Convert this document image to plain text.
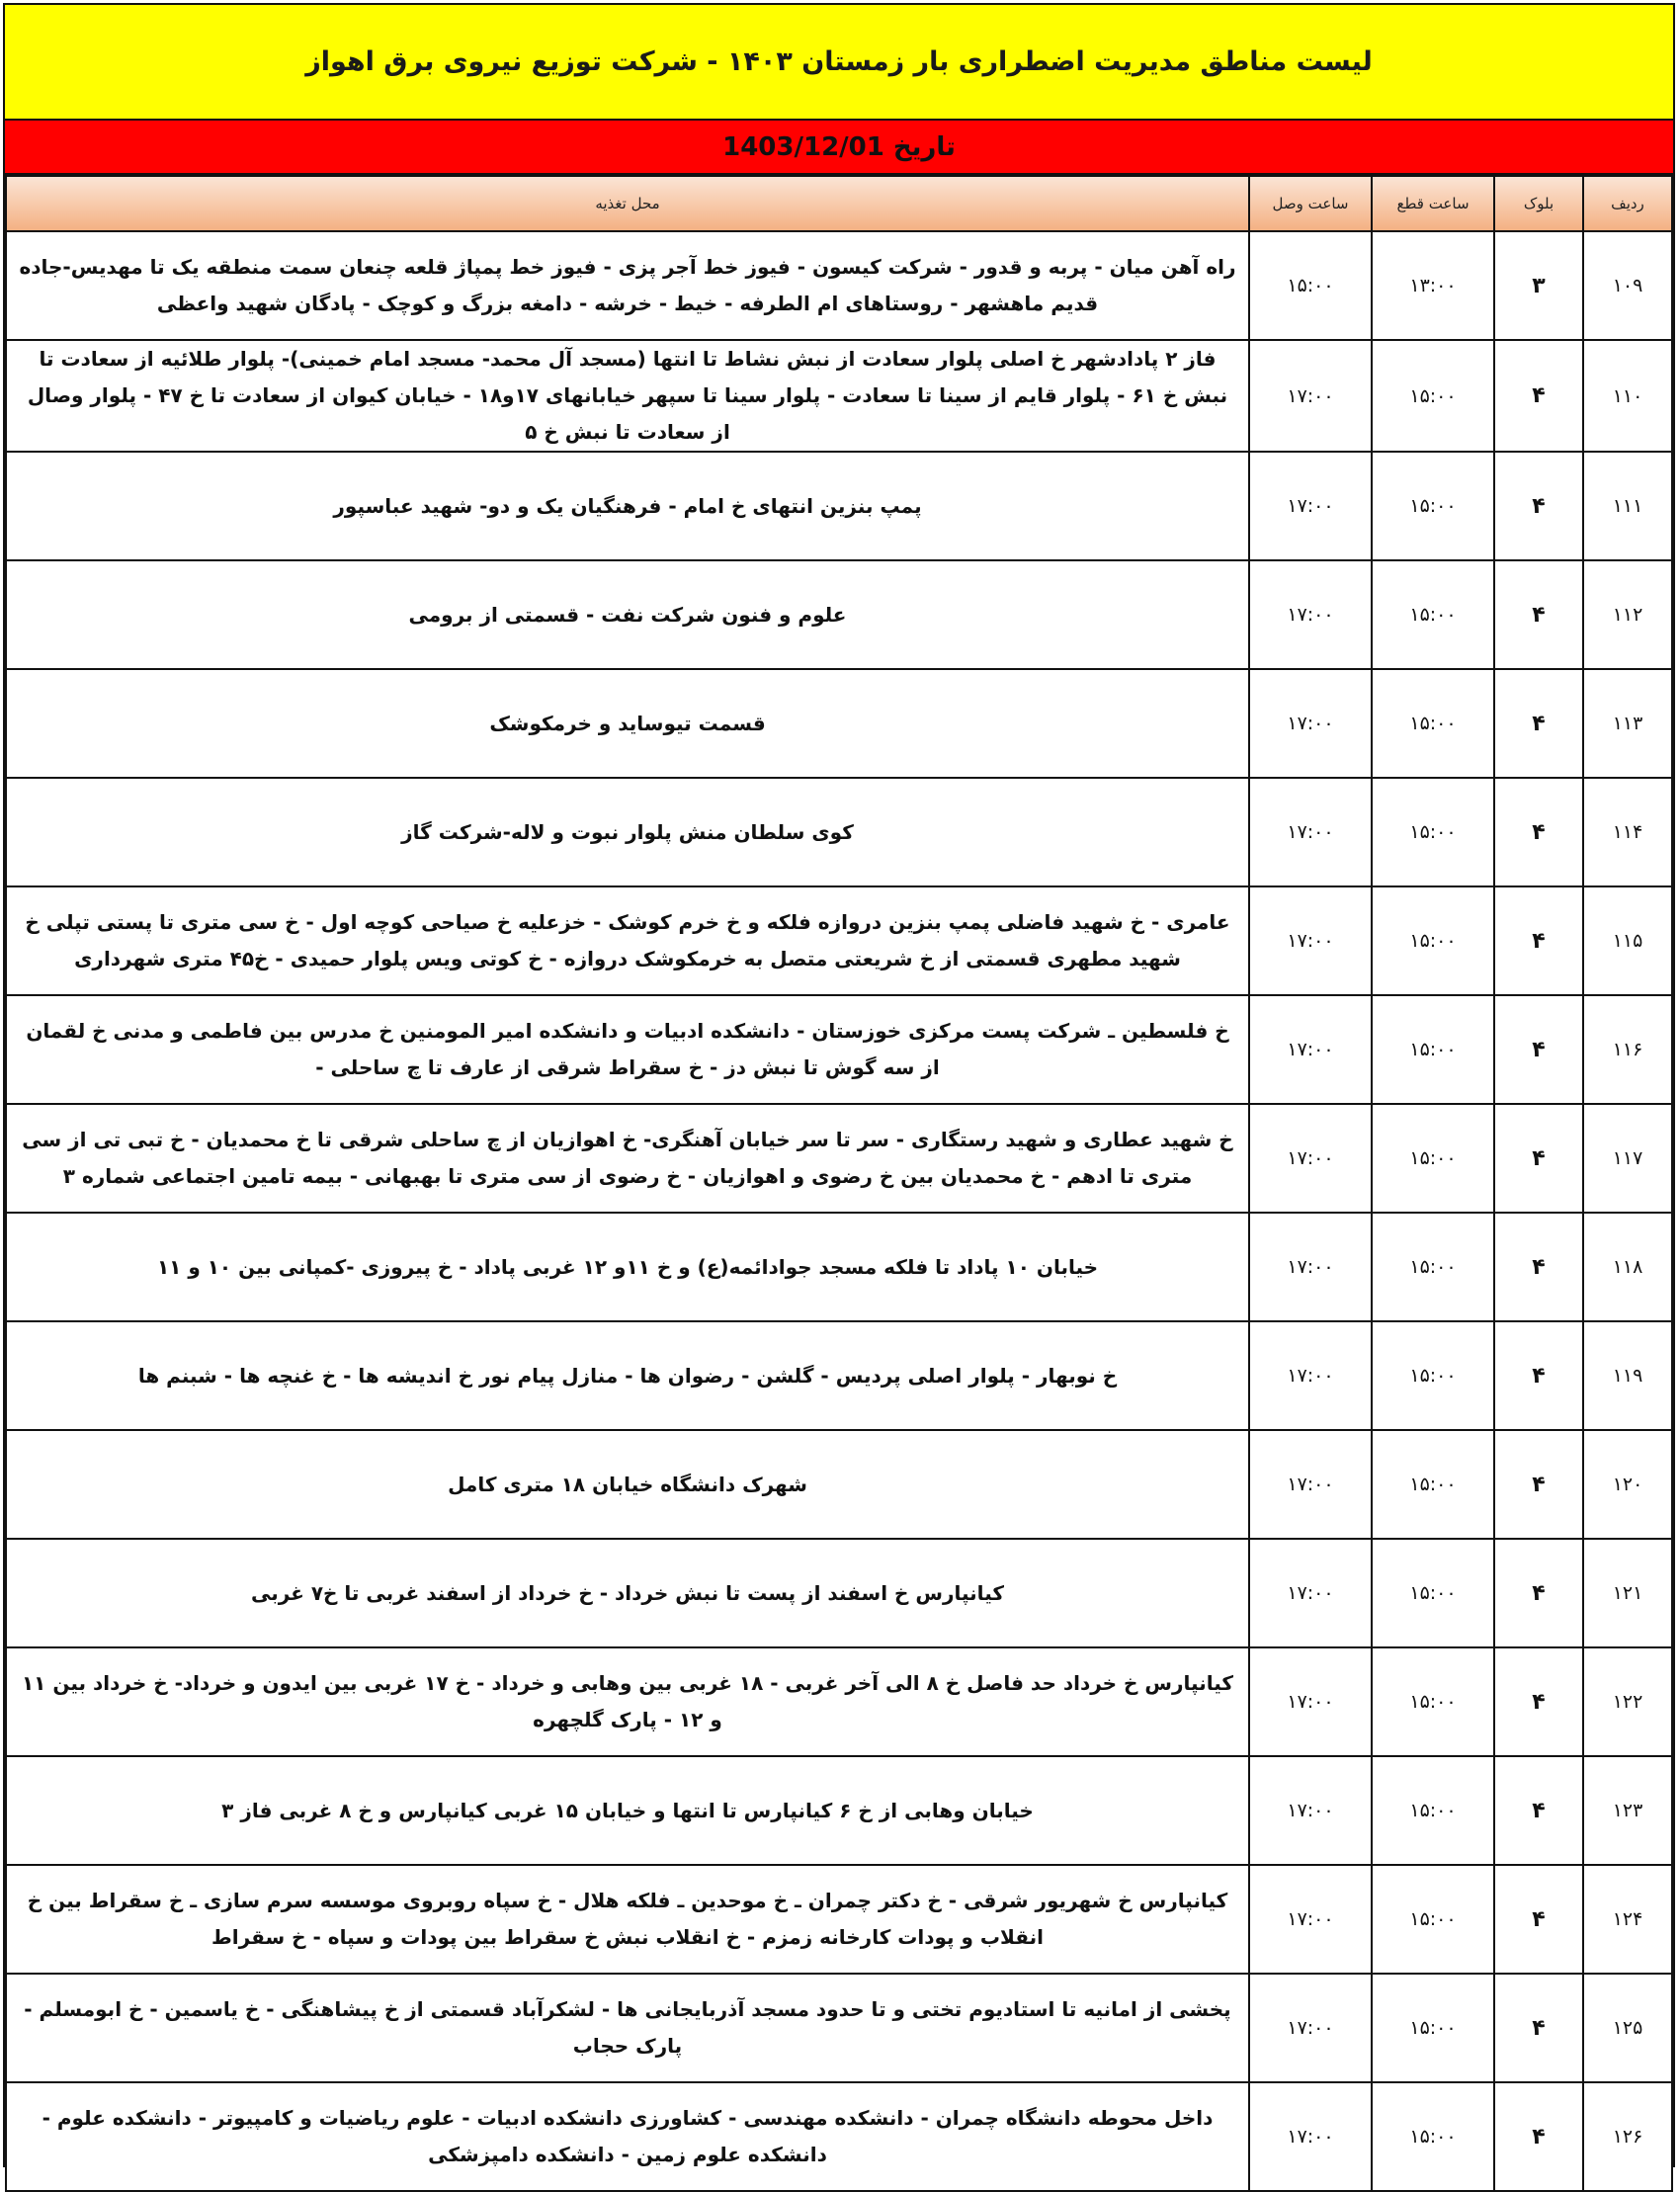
لیست مناطق مدیریت اضطراری بار زمستان ۱۴۰۳ - شرکت توزیع نیروی برق اهواز
تاریخ 1403/12/01
ردیف	بلوک	ساعت قطع	ساعت وصل	محل تغذیه
۱۰۹	۳	۱۳:۰۰	۱۵:۰۰	راه آهن میان - پربه و قدور - شرکت کیسون - فیوز خط آجر پزی - فیوز خط پمپاژ قلعه چنعان سمت منطقه یک تا مهدیس-جاده قدیم ماهشهر - روستاهای ام الطرفه - خیط - خرشه - دامغه بزرگ و کوچک - پادگان شهید واعظی
۱۱۰	۴	۱۵:۰۰	۱۷:۰۰	فاز ۲ پادادشهر خ اصلی پلوار سعادت از نبش نشاط تا انتها (مسجد آل محمد- مسجد امام خمینی)- پلوار طلائیه از سعادت تا نبش خ ۶۱ - پلوار قایم از سینا تا سعادت - پلوار سینا تا سپهر خیابانهای ۱۷و۱۸ - خیابان کیوان از سعادت تا خ ۴۷ - پلوار وصال از سعادت تا نبش خ ۵
۱۱۱	۴	۱۵:۰۰	۱۷:۰۰	پمپ بنزین انتهای خ امام - فرهنگیان یک و دو- شهید عباسپور
۱۱۲	۴	۱۵:۰۰	۱۷:۰۰	علوم و فنون شرکت نفت - قسمتی از برومی
۱۱۳	۴	۱۵:۰۰	۱۷:۰۰	قسمت تیوساید و خرمکوشک
۱۱۴	۴	۱۵:۰۰	۱۷:۰۰	کوی سلطان منش پلوار نبوت و لاله-شرکت گاز
۱۱۵	۴	۱۵:۰۰	۱۷:۰۰	عامری - خ شهید فاضلی پمپ بنزین دروازه فلکه و خ خرم کوشک - خزعلیه خ صیاحی کوچه اول - خ سی متری تا پستی تپلی خ شهید مطهری قسمتی از خ شریعتی متصل به خرمکوشک دروازه - خ کوتی ویس پلوار حمیدی - خ۴۵ متری شهرداری
۱۱۶	۴	۱۵:۰۰	۱۷:۰۰	خ فلسطین ـ شرکت پست مرکزی خوزستان - دانشکده ادبیات و دانشکده امیر المومنین خ مدرس بین فاطمی و مدنی خ لقمان از سه گوش تا نبش دز - خ سقراط شرقی از عارف تا چ ساحلی -
۱۱۷	۴	۱۵:۰۰	۱۷:۰۰	خ شهید عطاری و شهید رستگاری - سر تا سر خیابان آهنگری- خ اهوازیان از چ ساحلی شرقی تا خ محمدیان - خ تبی تی از سی متری تا ادهم - خ محمدیان بین خ رضوی و اهوازیان - خ رضوی از سی متری تا بهبهانی - بیمه تامین اجتماعی شماره ۳
۱۱۸	۴	۱۵:۰۰	۱۷:۰۰	خیابان ۱۰ پاداد تا فلکه مسجد جوادائمه(ع) و خ ۱۱و ۱۲ غربی پاداد - خ پیروزی -کمپانی بین ۱۰ و ۱۱
۱۱۹	۴	۱۵:۰۰	۱۷:۰۰	خ نوبهار - پلوار اصلی پردیس - گلشن - رضوان ها - منازل پیام نور خ اندیشه ها - خ غنچه ها - شبنم ها
۱۲۰	۴	۱۵:۰۰	۱۷:۰۰	شهرک دانشگاه خیابان ۱۸ متری کامل
۱۲۱	۴	۱۵:۰۰	۱۷:۰۰	کیانپارس خ اسفند از پست تا نبش خرداد - خ خرداد از اسفند غربی تا خ۷ غربی
۱۲۲	۴	۱۵:۰۰	۱۷:۰۰	کیانپارس خ خرداد حد فاصل خ ۸ الی آخر غربی - ۱۸ غربی بین وهابی و خرداد - خ ۱۷ غربی بین ایدون و خرداد- خ خرداد بین ۱۱ و ۱۲ - پارک گلچهره
۱۲۳	۴	۱۵:۰۰	۱۷:۰۰	خیابان وهابی از خ ۶ کیانپارس تا انتها و خیابان ۱۵ غربی کیانپارس و خ ۸ غربی فاز ۳
۱۲۴	۴	۱۵:۰۰	۱۷:۰۰	کیانپارس خ شهریور شرقی - خ دکتر چمران ـ خ موحدین ـ فلکه هلال - خ سپاه روبروی موسسه سرم سازی ـ خ سقراط بین خ انقلاب و پودات کارخانه زمزم - خ انقلاب نبش خ سقراط بین پودات و سپاه - خ سقراط
۱۲۵	۴	۱۵:۰۰	۱۷:۰۰	پخشی از امانیه تا استادیوم تختی و تا حدود مسجد آذربایجانی ها - لشکرآباد قسمتی از خ پیشاهنگی - خ یاسمین - خ ابومسلم - پارک حجاب
۱۲۶	۴	۱۵:۰۰	۱۷:۰۰	داخل محوطه دانشگاه چمران - دانشکده مهندسی - کشاورزی دانشکده ادبیات - علوم ریاضیات و کامپیوتر - دانشکده علوم - دانشکده علوم زمین - دانشکده دامپزشکی
